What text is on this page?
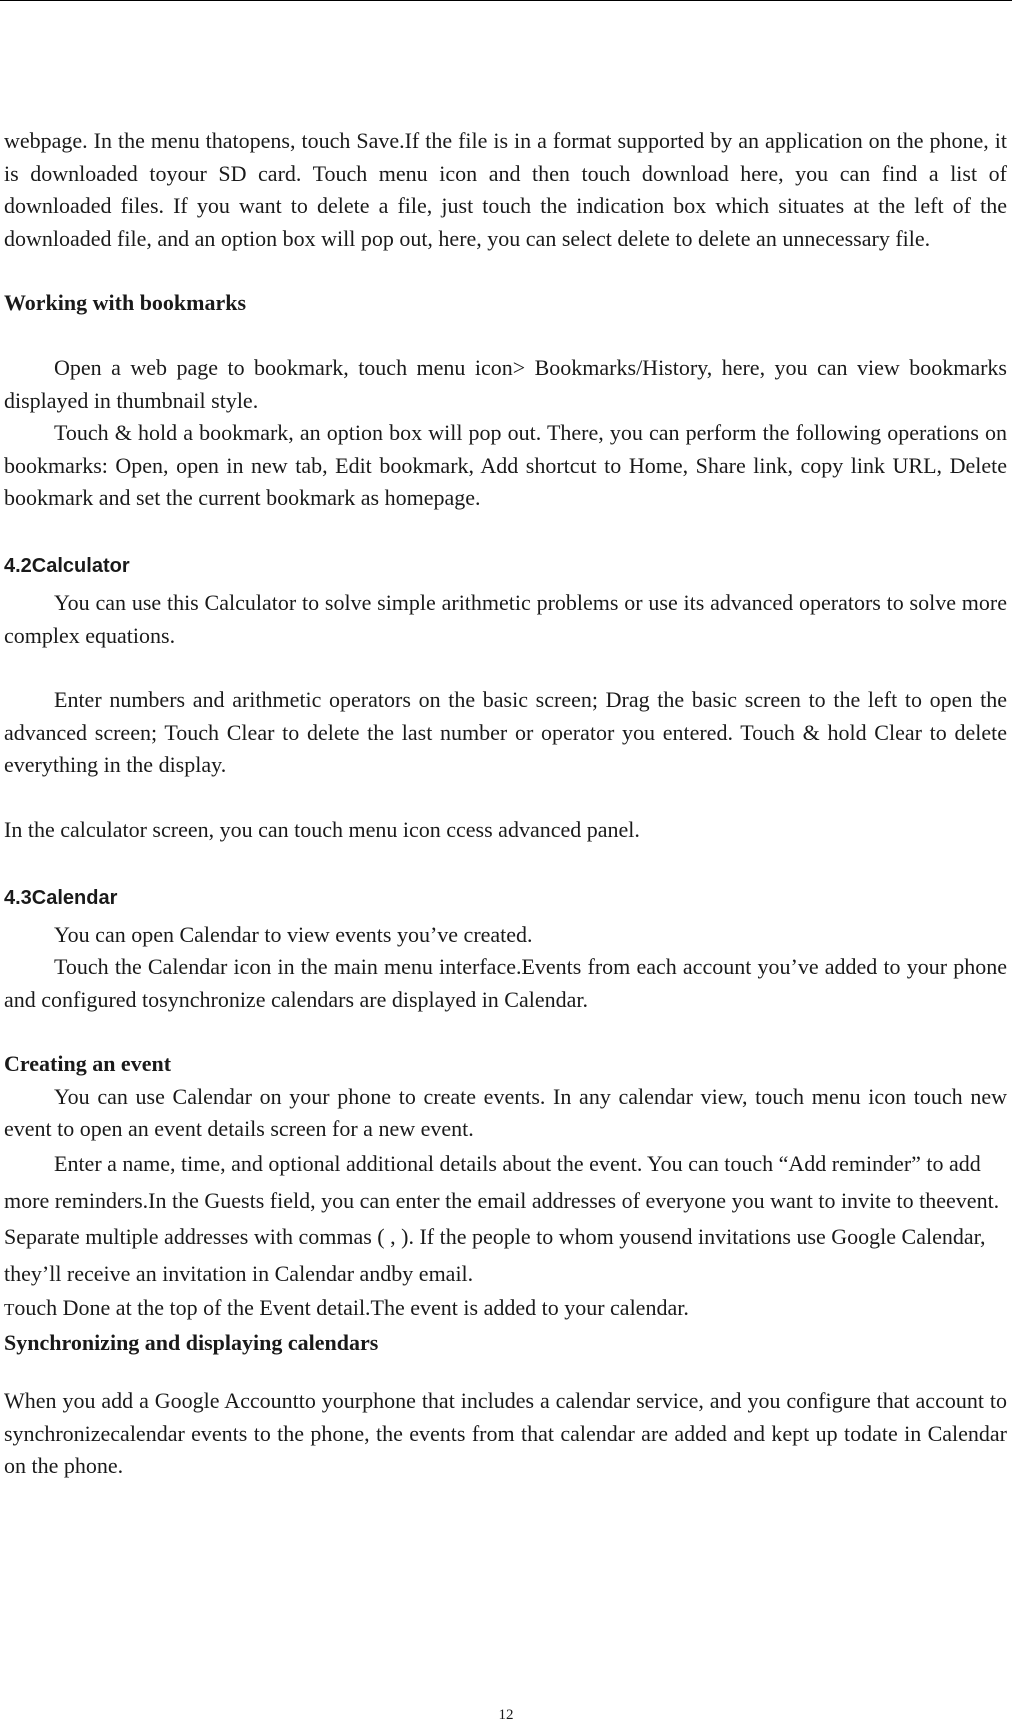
webpage. In the menu thatopens, touch Save.If the file is in a format supported by an application on the phone, it is downloaded toyour SD card. Touch menu icon and then touch download here, you can find a list of downloaded files. If you want to delete a file, just touch the indication box which situates at the left of the downloaded file, and an option box will pop out, here, you can select delete to delete an unnecessary file.

Working with bookmarks

Open a web page to bookmark, touch menu icon> Bookmarks/History, here, you can view bookmarks displayed in thumbnail style.

Touch & hold a bookmark, an option box will pop out. There, you can perform the following operations on bookmarks: Open, open in new tab, Edit bookmark, Add shortcut to Home, Share link, copy link URL, Delete bookmark and set the current bookmark as homepage.

4.2Calculator

You can use this Calculator to solve simple arithmetic problems or use its advanced operators to solve more complex equations.

Enter numbers and arithmetic operators on the basic screen; Drag the basic screen to the left to open the advanced screen; Touch Clear to delete the last number or operator you entered. Touch & hold Clear to delete everything in the display.

In the calculator screen, you can touch menu icon ccess advanced panel.

4.3Calendar

You can open Calendar to view events you’ve created.

Touch the Calendar icon in the main menu interface.Events from each account you’ve added to your phone and configured tosynchronize calendars are displayed in Calendar.

Creating an event

You can use Calendar on your phone to create events. In any calendar view, touch menu icon touch new event to open an event details screen for a new event.

Enter a name, time, and optional additional details about the event. You can touch “Add reminder” to add more reminders.In the Guests field, you can enter the email addresses of everyone you want to invite to theevent. Separate multiple addresses with commas ( , ). If the people to whom yousend invitations use Google Calendar, they’ll receive an invitation in Calendar andby email.

Touch Done at the top of the Event detail.The event is added to your calendar.

Synchronizing and displaying calendars

When you add a Google Accountto yourphone that includes a calendar service, and you configure that account to synchronizecalendar events to the phone, the events from that calendar are added and kept up todate in Calendar on the phone.

12
